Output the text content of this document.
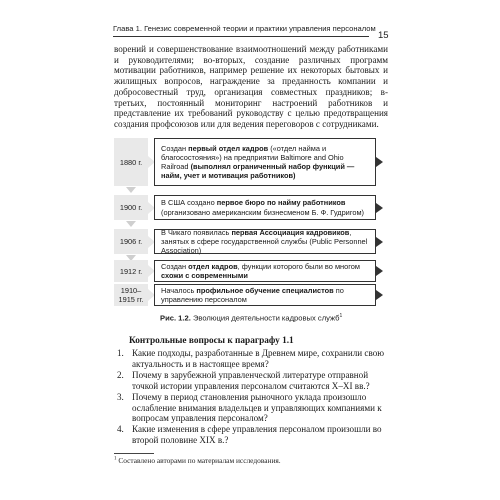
Глава 1. Генезис современной теории и практики управления персоналом
15

ворений и совершенствование взаимоотношений между работниками и руководителями; во-вторых, создание различных программ мотивации работников, например решение их некоторых бытовых и жилищных вопросов, награждение за преданность компании и добросовестный труд, организация совместных праздников; в-третьих, постоянный мониторинг настроений работников и представление их требований руководству с целью предотвращения создания профсоюзов или для ведения переговоров с сотрудниками.

1880 г.
Создан первый отдел кадров («отдел найма и благосостояния») на предприятии Baltimore and Ohio Railroad (выполнял ограниченный набор функций — найм, учет и мотивация работников)
1900 г.
В США создано первое бюро по найму работников (организовано американским бизнесменом Б. Ф. Гудригом)
1906 г.
В Чикаго появилась первая Ассоциация кадровиков, занятых в сфере государственной службы (Public Personnel Association)
1912 г.
Создан отдел кадров, функции которого были во многом схожи с современными
1910–1915 гг.
Началось профильное обучение специалистов по управлению персоналом
Рис. 1.2. Эволюция деятельности кадровых служб$^1$
Контрольные вопросы к параграфу 1.1
1. Какие подходы, разработанные в Древнем мире, сохранили свою актуальность и в настоящее время?
2. Почему в зарубежной управленческой литературе отправной точкой истории управления персоналом считаются X–XI вв.?
3. Почему в период становления рыночного уклада произошло ослабление внимания владельцев и управляющих компаниями к вопросам управления персоналом?
4. Какие изменения в сфере управления персоналом произошли во второй половине XIX в.?
$^1$ Составлено авторами по материалам исследования.
